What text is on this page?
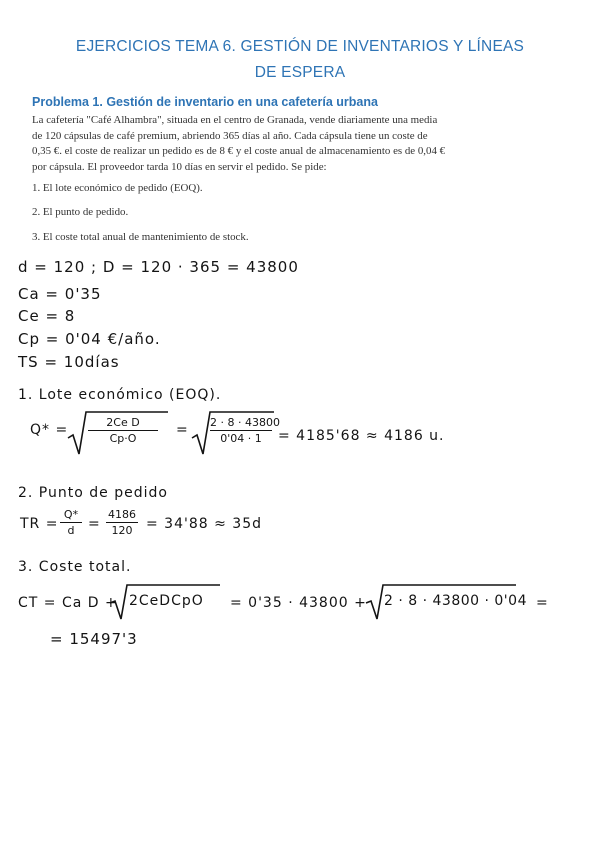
EJERCICIOS TEMA 6. GESTIÓN DE INVENTARIOS Y LÍNEAS
DE ESPERA
Problema 1. Gestión de inventario en una cafetería urbana
La cafetería "Café Alhambra", situada en el centro de Granada, vende diariamente una media de 120 cápsulas de café premium, abriendo 365 días al año. Cada cápsula tiene un coste de 0,35 €. el coste de realizar un pedido es de 8 € y el coste anual de almacenamiento es de 0,04 € por cápsula. El proveedor tarda 10 días en servir el pedido. Se pide:
1. El lote económico de pedido (EOQ).
2. El punto de pedido.
3. El coste total anual de mantenimiento de stock.
d = 120 ; D = 120 · 365 = 43800
Ca = 0'35
Ce = 8
Cp = 0'04 €/año.
TS = 10días
1. Lote económico (EOQ).
Q* =	2Ce D
Cp·O
= 2 · 8 · 43800
0'04 · 1	= 4185'68 ≈ 4186 u.
2. Punto de pedido
TR =
Q*
d =
4186
120 = 34'88 ≈ 35d
3. Coste total.
CT = Ca D + 2CeDCpO = 0'35 · 43800 + 2 · 8 · 43800 · 0'04 =
= 15497'3
